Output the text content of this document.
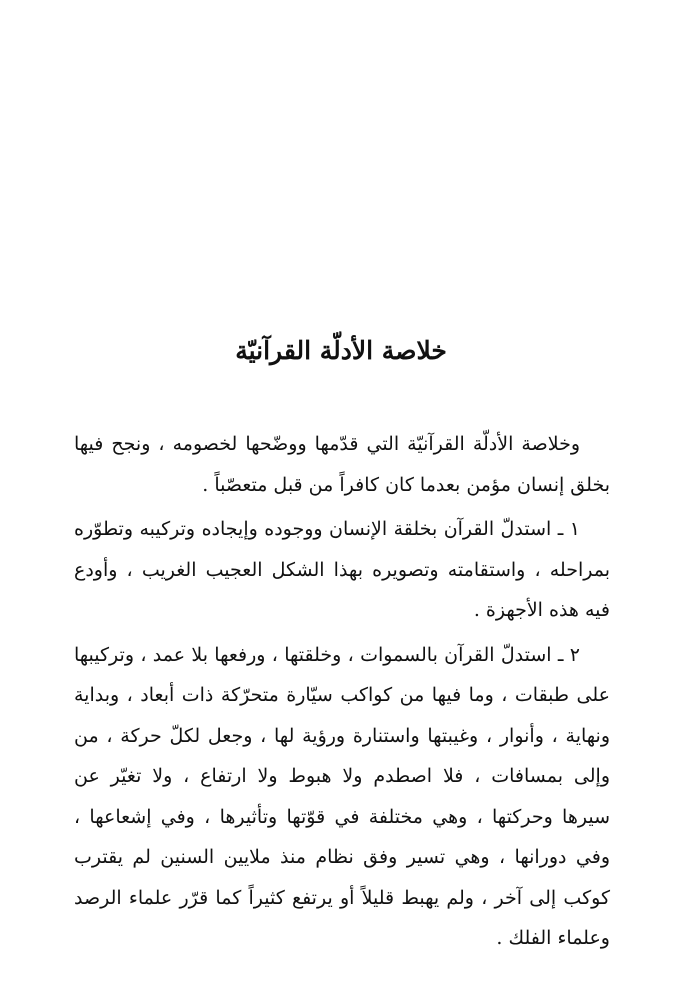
خلاصة الأدلّة القرآنيّة
وخلاصة الأدلّة القرآنيّة التي قدّمها ووضّحها لخصومه ، ونجح فيها
بخلق إنسان مؤمن بعدما كان كافراً من قبل متعصّباً .
١ ـ استدلّ القرآن بخلقة الإنسان ووجوده وإيجاده وتركيبه وتطوّره
بمراحله ، واستقامته وتصويره بهذا الشكل العجيب الغريب ، وأودع
فيه هذه الأجهزة .
٢ ـ استدلّ القرآن بالسموات ، وخلقتها ، ورفعها بلا عمد ، وتركيبها
على طبقات ، وما فيها من كواكب سيّارة متحرّكة ذات أبعاد ، وبداية
ونهاية ، وأنوار ، وغيبتها واستنارة ورؤية لها ، وجعل لكلّ حركة ، من
وإلى بمسافات ، فلا اصطدم ولا هبوط ولا ارتفاع ، ولا تغيّر عن
سيرها وحركتها ، وهي مختلفة في قوّتها وتأثيرها ، وفي إشعاعها ،
وفي دورانها ، وهي تسير وفق نظام منذ ملايين السنين لم يقترب
كوكب إلى آخر ، ولم يهبط قليلاً أو يرتفع كثيراً كما قرّر علماء الرصد
وعلماء الفلك .
